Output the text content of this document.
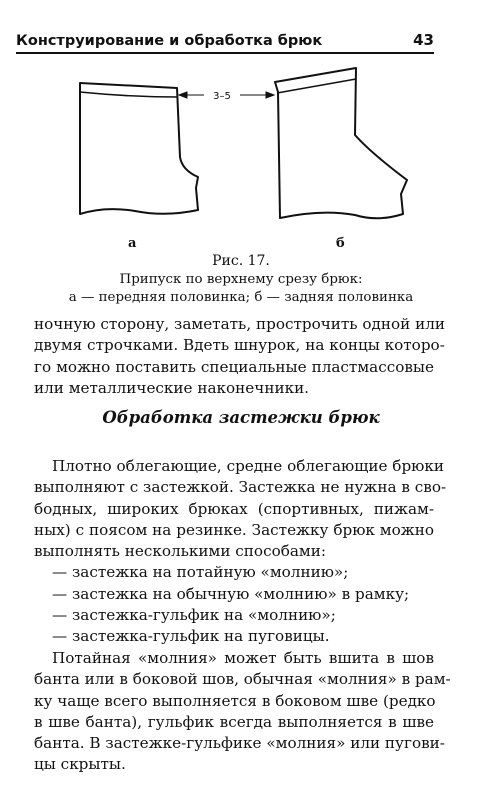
Конструирование и обработка брюк	43
3–5
а	б
Рис. 17.
Припуск по верхнему срезу брюк:
а — передняя половинка; б — задняя половинка
ночную сторону, заметать, прострочить одной или
двумя строчками. Вдеть шнурок, на концы которо-
го можно поставить специальные пластмассовые
или металлические наконечники.
Обработка застежки брюк
Плотно облегающие, средне облегающие брюки
выполняют с застежкой. Застежка не нужна в сво-
бодных, широких брюках (спортивных, пижам-
ных) с поясом на резинке. Застежку брюк можно
выполнять несколькими способами:
— застежка на потайную «молнию»;
— застежка на обычную «молнию» в рамку;
— застежка-гульфик на «молнию»;
— застежка-гульфик на пуговицы.
Потайная «молния» может быть вшита в шов
банта или в боковой шов, обычная «молния» в рам-
ку чаще всего выполняется в боковом шве (редко
в шве банта), гульфик всегда выполняется в шве
банта. В застежке-гульфике «молния» или пугови-
цы скрыты.
